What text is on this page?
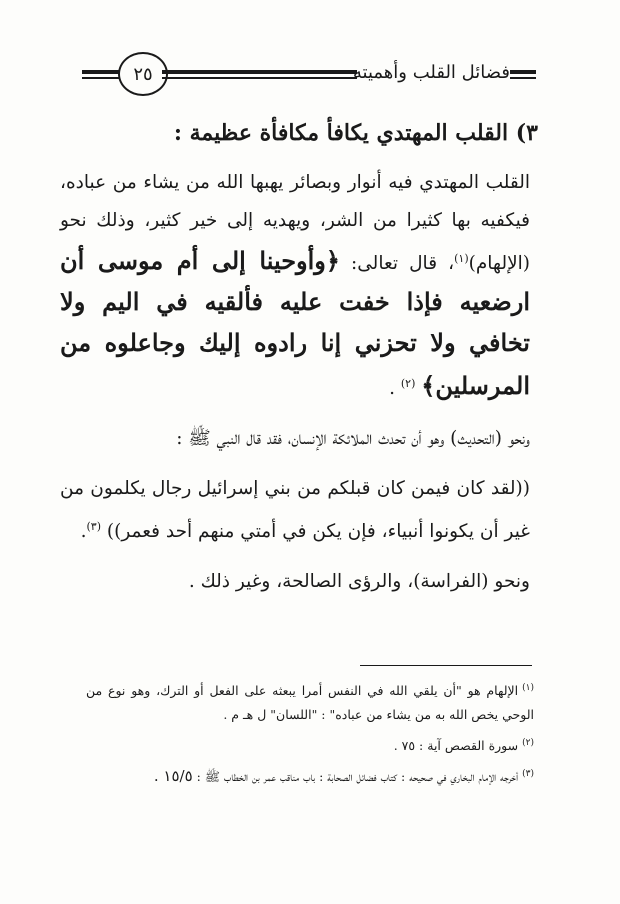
٢٥	فضائل القلب وأهميته

٣) القلب المهتدي يكافأ مكافأة عظيمة :

القلب المهتدي فيه أنوار وبصائر يهبها الله من يشاء من عباده، فيكفيه بها كثيرا من الشر، ويهديه إلى خير كثير، وذلك نحو (الإلهام)$^{(١)}$، قال تعالى: ﴿وأوحينا إلى أم موسى أن ارضعيه فإذا خفت عليه فألقيه في اليم ولا تخافي ولا تحزني إنا رادوه إليك وجاعلوه من المرسلين﴾ $^{(٢)}$ .

ونحو (التحديث) وهو أن تحدث الملائكة الإنسان، فقد قال النبي ﷺ :

((لقد كان فيمن كان قبلكم من بني إسرائيل رجال يكلمون من غير أن يكونوا أنبياء، فإن يكن في أمتي منهم أحد فعمر)) $^{(٣)}$.

ونحو (الفراسة)، والرؤى الصالحة، وغير ذلك .

$^{(١)}$الإلهام هو "أن يلقي الله في النفس أمرا يبعثه على الفعل أو الترك، وهو نوع من الوحي يخص الله به من يشاء من عباده" : "اللسان" ل هـ م .

$^{(٢)}$سورة القصص آية : ٧٥ .

$^{(٣)}$أخرجه الإمام البخاري في صحيحه : كتاب فضائل الصحابة : باب مناقب عمر بن الخطاب ﷺ : ١٥/٥ .
